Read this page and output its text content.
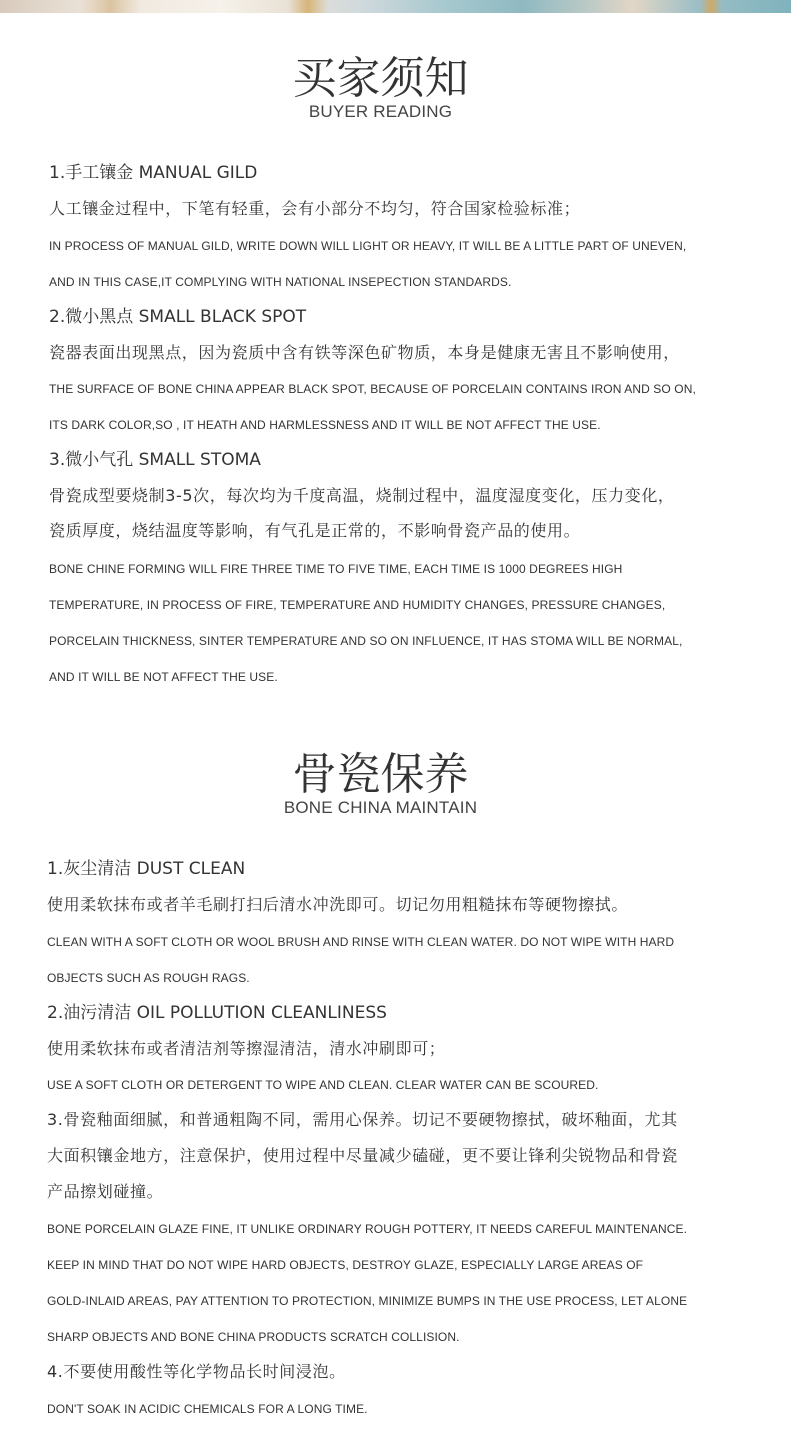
买家须知
BUYER READING
1.手工镶金 MANUAL GILD
人工镶金过程中，下笔有轻重，会有小部分不均匀，符合国家检验标准；
IN PROCESS OF MANUAL GILD, WRITE DOWN WILL LIGHT OR HEAVY, IT WILL BE A LITTLE PART OF UNEVEN,
AND IN THIS CASE,IT COMPLYING WITH NATIONAL INSEPECTION STANDARDS.
2.微小黑点 SMALL BLACK SPOT
瓷器表面出现黑点，因为瓷质中含有铁等深色矿物质，本身是健康无害且不影响使用，
THE SURFACE OF BONE CHINA APPEAR BLACK SPOT, BECAUSE OF PORCELAIN CONTAINS IRON AND SO ON,
ITS DARK COLOR,SO , IT HEATH AND HARMLESSNESS AND IT WILL BE NOT AFFECT THE USE.
3.微小气孔 SMALL STOMA
骨瓷成型要烧制3-5次，每次均为千度高温，烧制过程中，温度湿度变化，压力变化，
瓷质厚度，烧结温度等影响，有气孔是正常的，不影响骨瓷产品的使用。
BONE CHINE FORMING WILL FIRE THREE TIME TO FIVE TIME, EACH TIME IS 1000 DEGREES HIGH
TEMPERATURE, IN PROCESS OF FIRE, TEMPERATURE AND HUMIDITY CHANGES, PRESSURE CHANGES,
PORCELAIN THICKNESS, SINTER TEMPERATURE AND SO ON INFLUENCE, IT HAS STOMA WILL BE NORMAL,
AND IT WILL BE NOT AFFECT THE USE.
骨瓷保养
BONE CHINA MAINTAIN
1.灰尘清洁 DUST CLEAN
使用柔软抹布或者羊毛刷打扫后清水冲洗即可。切记勿用粗糙抹布等硬物擦拭。
CLEAN WITH A SOFT CLOTH OR WOOL BRUSH AND RINSE WITH CLEAN WATER. DO NOT WIPE WITH HARD
OBJECTS SUCH AS ROUGH RAGS.
2.油污清洁 OIL POLLUTION CLEANLINESS
使用柔软抹布或者清洁剂等擦湿清洁，清水冲刷即可；
USE A SOFT CLOTH OR DETERGENT TO WIPE AND CLEAN. CLEAR WATER CAN BE SCOURED.
3.骨瓷釉面细腻，和普通粗陶不同，需用心保养。切记不要硬物擦拭，破坏釉面，尤其
大面积镶金地方，注意保护，使用过程中尽量减少磕碰，更不要让锋利尖锐物品和骨瓷
产品擦划碰撞。
BONE PORCELAIN GLAZE FINE, IT UNLIKE ORDINARY ROUGH POTTERY, IT NEEDS CAREFUL MAINTENANCE.
KEEP IN MIND THAT DO NOT WIPE HARD OBJECTS, DESTROY GLAZE, ESPECIALLY LARGE AREAS OF
GOLD-INLAID AREAS, PAY ATTENTION TO PROTECTION, MINIMIZE BUMPS IN THE USE PROCESS, LET ALONE
SHARP OBJECTS AND BONE CHINA PRODUCTS SCRATCH COLLISION.
4.不要使用酸性等化学物品长时间浸泡。
DON'T SOAK IN ACIDIC CHEMICALS FOR A LONG TIME.
